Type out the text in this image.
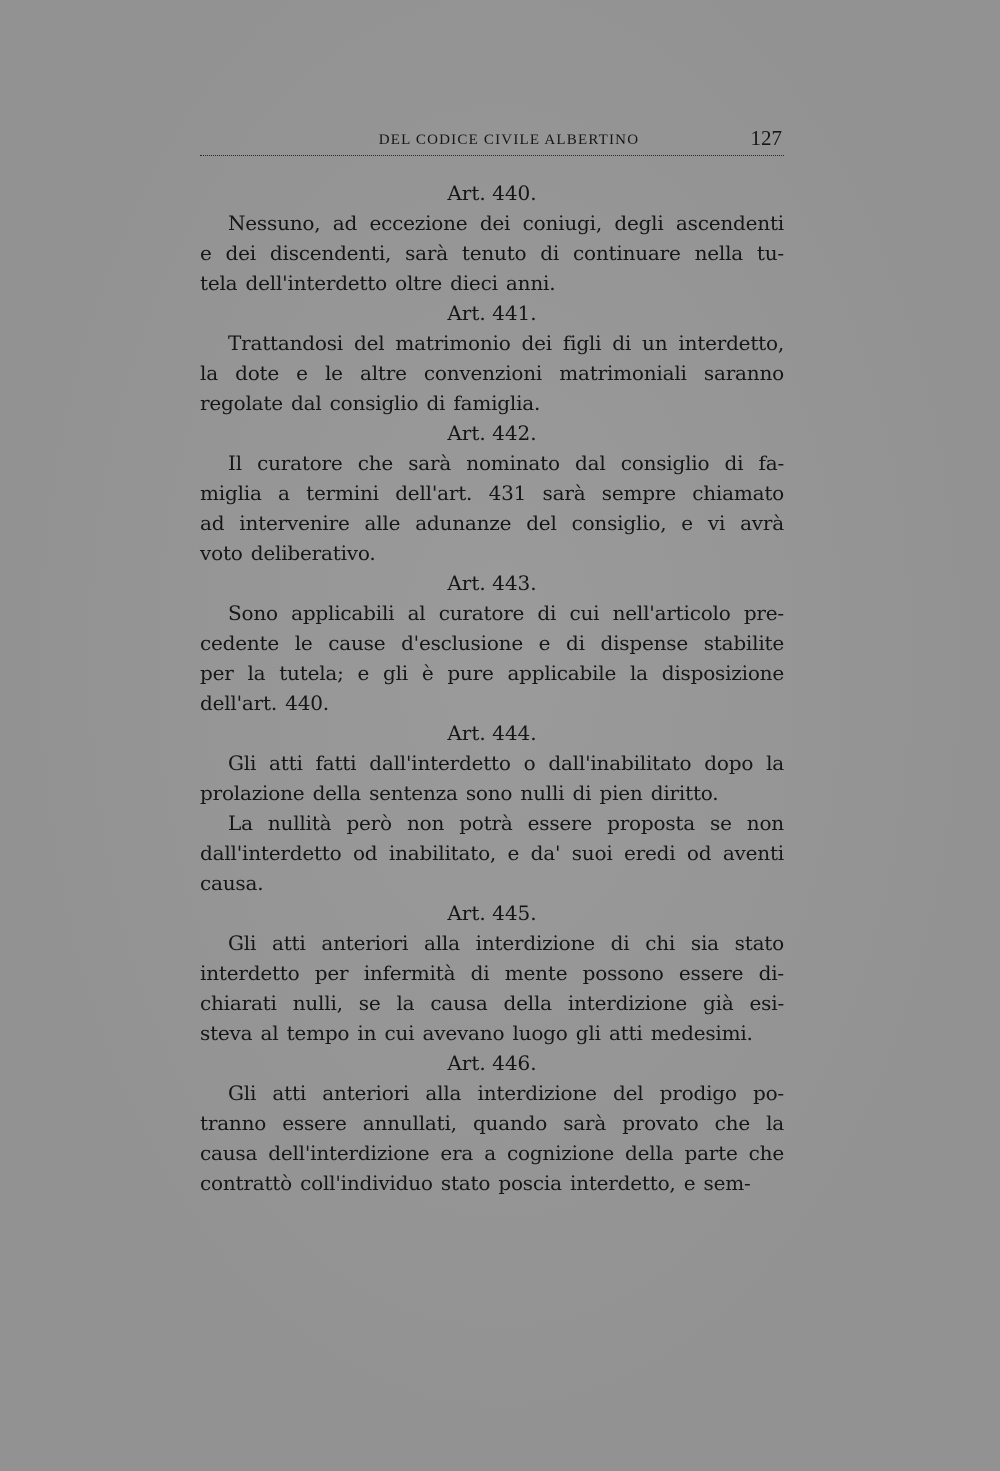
DEL CODICE CIVILE ALBERTINO	127
Art. 440.
Nessuno, ad eccezione dei coniugi, degli ascendenti
e dei discendenti, sarà tenuto di continuare nella tu-
tela dell'interdetto oltre dieci anni.
Art. 441.
Trattandosi del matrimonio dei figli di un interdetto,
la dote e le altre convenzioni matrimoniali saranno
regolate dal consiglio di famiglia.
Art. 442.
Il curatore che sarà nominato dal consiglio di fa-
miglia a termini dell'art. 431 sarà sempre chiamato
ad intervenire alle adunanze del consiglio, e vi avrà
voto deliberativo.
Art. 443.
Sono applicabili al curatore di cui nell'articolo pre-
cedente le cause d'esclusione e di dispense stabilite
per la tutela; e gli è pure applicabile la disposizione
dell'art. 440.
Art. 444.
Gli atti fatti dall'interdetto o dall'inabilitato dopo la
prolazione della sentenza sono nulli di pien diritto.
La nullità però non potrà essere proposta se non
dall'interdetto od inabilitato, e da' suoi eredi od aventi
causa.
Art. 445.
Gli atti anteriori alla interdizione di chi sia stato
interdetto per infermità di mente possono essere di-
chiarati nulli, se la causa della interdizione già esi-
steva al tempo in cui avevano luogo gli atti medesimi.
Art. 446.
Gli atti anteriori alla interdizione del prodigo po-
tranno essere annullati, quando sarà provato che la
causa dell'interdizione era a cognizione della parte che
contrattò coll'individuo stato poscia interdetto, e sem-
